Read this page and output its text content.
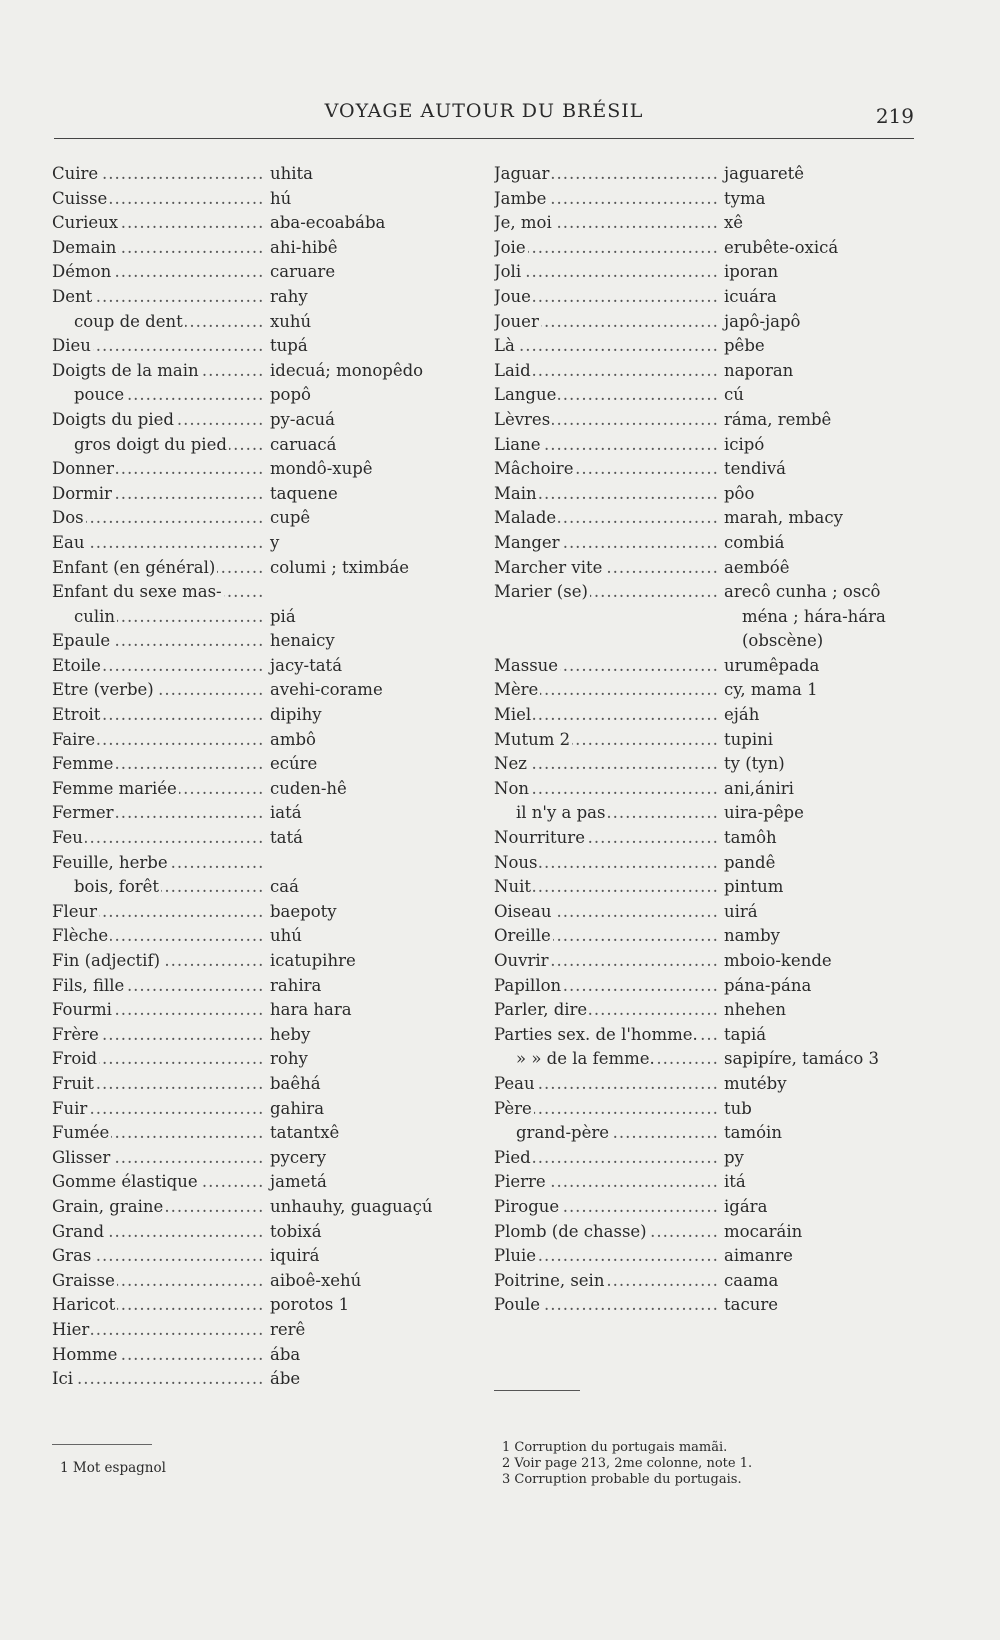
VOYAGE AUTOUR DU BRÉSIL	219
Cuire .....	uhita
Cuisse .....	hú
Curieux .....	aba-ecoabába
Demain .....	ahi-hibê
Démon .....	caruare
Dent .....	rahy
coup de dent .....	xuhú
Dieu .....	tupá
Doigts de la main .....	idecuá; monopêdo
pouce .....	popô
Doigts du pied .....	py-acuá
gros doigt du pied .....	caruacá
Donner .....	mondô-xupê
Dormir .....	taquene
Dos .....	cupê
Eau .....	y
Enfant (en général) .....	columi ; tximbáe
Enfant du sexe mas- .....
culin .....	piá
Epaule .....	henaicy
Etoile .....	jacy-tatá
Etre (verbe) .....	avehi-corame
Etroit .....	dipihy
Faire .....	ambô
Femme .....	ecúre
Femme mariée .....	cuden-hê
Fermer .....	iatá
Feu .....	tatá
Feuille, herbe .....
bois, forêt .....	caá
Fleur .....	baepoty
Flèche .....	uhú
Fin (adjectif) .....	icatupihre
Fils, fille .....	rahira
Fourmi .....	hara hara
Frère .....	heby
Froid .....	rohy
Fruit .....	baêhá
Fuir .....	gahira
Fumée .....	tatantxê
Glisser .....	pycery
Gomme élastique .....	jametá
Grain, graine .....	unhauhy, guaguaçú
Grand .....	tobixá
Gras .....	iquirá
Graisse .....	aiboê-xehú
Haricot .....	porotos 1
Hier .....	rerê
Homme .....	ába
Ici .....	ábe
Jaguar .....	jaguaretê
Jambe .....	tyma
Je, moi .....	xê
Joie .....	erubête-oxicá
Joli .....	iporan
Joue .....	icuára
Jouer .....	japô-japô
Là .....	pêbe
Laid .....	naporan
Langue .....	cú
Lèvres .....	ráma, rembê
Liane .....	icipó
Mâchoire .....	tendivá
Main .....	pôo
Malade .....	marah, mbacy
Manger .....	combiá
Marcher vite .....	aembóê
Marier (se) .....	arecô cunha ; oscô
ména ; hára-hára
(obscène)
Massue .....	urumêpada
Mère .....	cy, mama 1
Miel .....	ejáh
Mutum 2 .....	tupini
Nez .....	ty (tyn)
Non .....	ani,ániri
il n'y a pas .....	uira-pêpe
Nourriture .....	tamôh
Nous .....	pandê
Nuit .....	pintum
Oiseau .....	uirá
Oreille .....	namby
Ouvrir .....	mboio-kende
Papillon .....	pána-pána
Parler, dire .....	nhehen
Parties sex. de l'homme. .....	tapiá
» » de la femme. .....	sapipíre, tamáco 3
Peau .....	mutéby
Père .....	tub
grand-père .....	tamóin
Pied .....	py
Pierre .....	itá
Pirogue .....	igára
Plomb (de chasse) .....	mocaráin
Pluie .....	aimanre
Poitrine, sein .....	caama
Poule .....	tacure
1 Mot espagnol
1 Corruption du portugais mamãi.
2 Voir page 213, 2me colonne, note 1.
3 Corruption probable du portugais.
